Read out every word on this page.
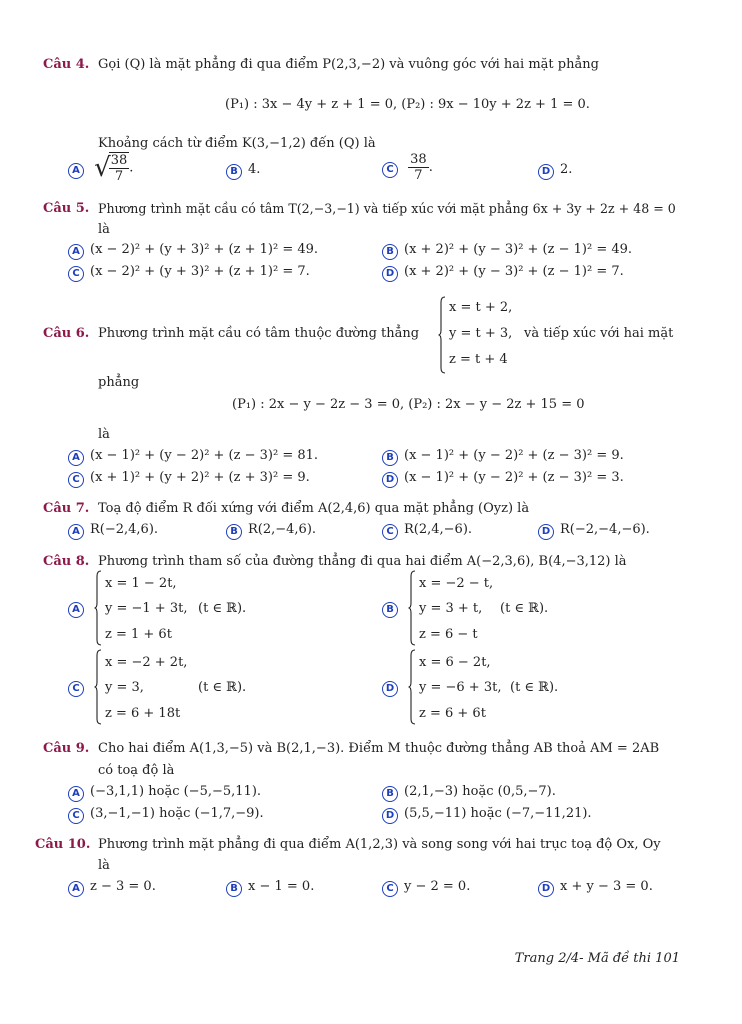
Câu 4. Gọi (Q) là mặt phẳng đi qua điểm P(2,3,−2) và vuông góc với hai mặt phẳng
(P₁) : 3x − 4y + z + 1 = 0, (P₂) : 9x − 10y + 2z + 1 = 0.
Khoảng cách từ điểm K(3,−1,2) đến (Q) là
A √
$\frac{38}{7}$ .	B 4.	C $\frac{38}{7}$ .	D 2.
Câu 5. Phương trình mặt cầu có tâm T(2,−3,−1) và tiếp xúc với mặt phẳng 6x + 3y + 2z + 48 = 0
là
A (x − 2)² + (y + 3)² + (z + 1)² = 49.	B (x + 2)² + (y − 3)² + (z − 1)² = 49.
C (x − 2)² + (y + 3)² + (z + 1)² = 7.	D (x + 2)² + (y − 3)² + (z − 1)² = 7.
Câu 6. Phương trình mặt cầu có tâm thuộc đường thẳng
x = t + 2,
y = t + 3,
z = t + 4
và tiếp xúc với hai mặt
phẳng
(P₁) : 2x − y − 2z − 3 = 0, (P₂) : 2x − y − 2z + 15 = 0
là
A (x − 1)² + (y − 2)² + (z − 3)² = 81.	B (x − 1)² + (y − 2)² + (z − 3)² = 9.
C (x + 1)² + (y + 2)² + (z + 3)² = 9.	D (x − 1)² + (y − 2)² + (z − 3)² = 3.
Câu 7. Toạ độ điểm R đối xứng với điểm A(2,4,6) qua mặt phẳng (Oyz) là
A R(−2,4,6).	B R(2,−4,6).	C R(2,4,−6).	D R(−2,−4,−6).
Câu 8. Phương trình tham số của đường thẳng đi qua hai điểm A(−2,3,6), B(4,−3,12) là
A
x = 1 − 2t,
y = −1 + 3t,
z = 1 + 6t
(t ∈ ℝ).	B
x = −2 − t,
y = 3 + t,
z = 6 − t
(t ∈ ℝ).
C
x = −2 + 2t,
y = 3,
z = 6 + 18t
(t ∈ ℝ).	D
x = 6 − 2t,
y = −6 + 3t,
z = 6 + 6t
(t ∈ ℝ).
Câu 9. Cho hai điểm A(1,3,−5) và B(2,1,−3). Điểm M thuộc đường thẳng AB thoả AM = 2AB
có toạ độ là
A (−3,1,1) hoặc (−5,−5,11).	B (2,1,−3) hoặc (0,5,−7).
C (3,−1,−1) hoặc (−1,7,−9).	D (5,5,−11) hoặc (−7,−11,21).
Câu 10. Phương trình mặt phẳng đi qua điểm A(1,2,3) và song song với hai trục toạ độ Ox, Oy
là
A z − 3 = 0.	B x − 1 = 0.	C y − 2 = 0.	D x + y − 3 = 0.
Trang 2/4- Mã đề thi 101
